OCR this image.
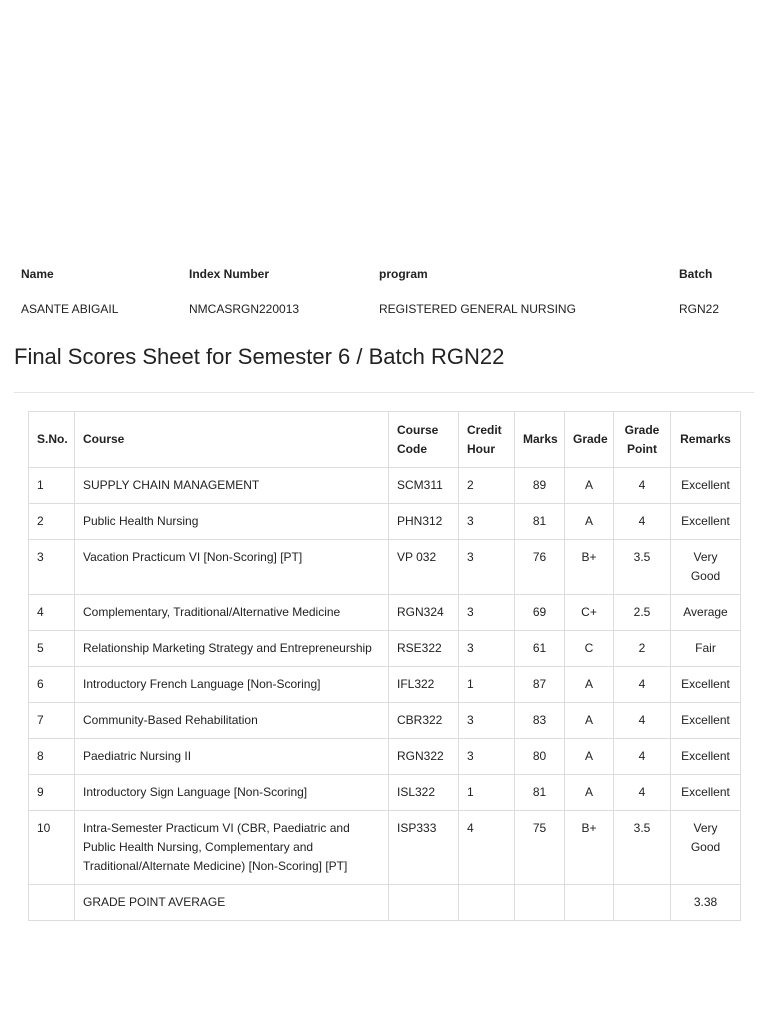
Name	Index Number	program	Batch
ASANTE ABIGAIL	NMCASRGN220013	REGISTERED GENERAL NURSING	RGN22
Final Scores Sheet for Semester 6 / Batch RGN22
S.No.	Course	Course Code	Credit Hour	Marks	Grade	Grade Point	Remarks
1	SUPPLY CHAIN MANAGEMENT	SCM311	2	89	A	4	Excellent
2	Public Health Nursing	PHN312	3	81	A	4	Excellent
3	Vacation Practicum VI [Non-Scoring] [PT]	VP 032	3	76	B+	3.5	Very Good
4	Complementary, Traditional/Alternative Medicine	RGN324	3	69	C+	2.5	Average
5	Relationship Marketing Strategy and Entrepreneurship	RSE322	3	61	C	2	Fair
6	Introductory French Language [Non-Scoring]	IFL322	1	87	A	4	Excellent
7	Community-Based Rehabilitation	CBR322	3	83	A	4	Excellent
8	Paediatric Nursing II	RGN322	3	80	A	4	Excellent
9	Introductory Sign Language [Non-Scoring]	ISL322	1	81	A	4	Excellent
10	Intra-Semester Practicum VI (CBR, Paediatric and Public Health Nursing, Complementary and Traditional/Alternate Medicine) [Non-Scoring] [PT]	ISP333	4	75	B+	3.5	Very Good
	GRADE POINT AVERAGE						3.38
